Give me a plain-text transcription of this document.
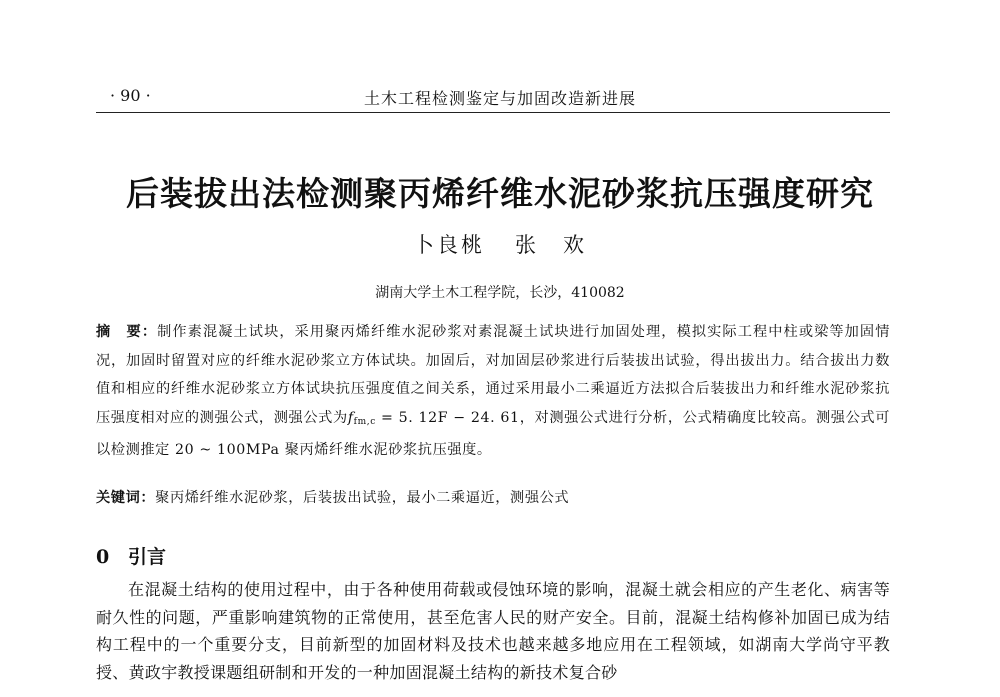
· 90 ·	土木工程检测鉴定与加固改造新进展
后装拔出法检测聚丙烯纤维水泥砂浆抗压强度研究
卜良桃 张　欢
湖南大学土木工程学院，长沙，410082
摘　要：制作素混凝土试块，采用聚丙烯纤维水泥砂浆对素混凝土试块进行加固处理，模拟实际工程中柱或梁等加固情况，加固时留置对应的纤维水泥砂浆立方体试块。加固后，对加固层砂浆进行后装拔出试验，得出拔出力。结合拔出力数值和相应的纤维水泥砂浆立方体试块抗压强度值之间关系，通过采用最小二乘逼近方法拟合后装拔出力和纤维水泥砂浆抗压强度相对应的测强公式，测强公式为ffm,c = 5. 12F − 24. 61，对测强公式进行分析，公式精确度比较高。测强公式可以检测推定 20 ~ 100MPa 聚丙烯纤维水泥砂浆抗压强度。
关键词：聚丙烯纤维水泥砂浆，后装拔出试验，最小二乘逼近，测强公式
0 引言

在混凝土结构的使用过程中，由于各种使用荷载或侵蚀环境的影响，混凝土就会相应的产生老化、病害等耐久性的问题，严重影响建筑物的正常使用，甚至危害人民的财产安全。目前，混凝土结构修补加固已成为结构工程中的一个重要分支，目前新型的加固材料及技术也越来越多地应用在工程领域，如湖南大学尚守平教授、黄政宇教授课题组研制和开发的一种加固混凝土结构的新技术复合砂
